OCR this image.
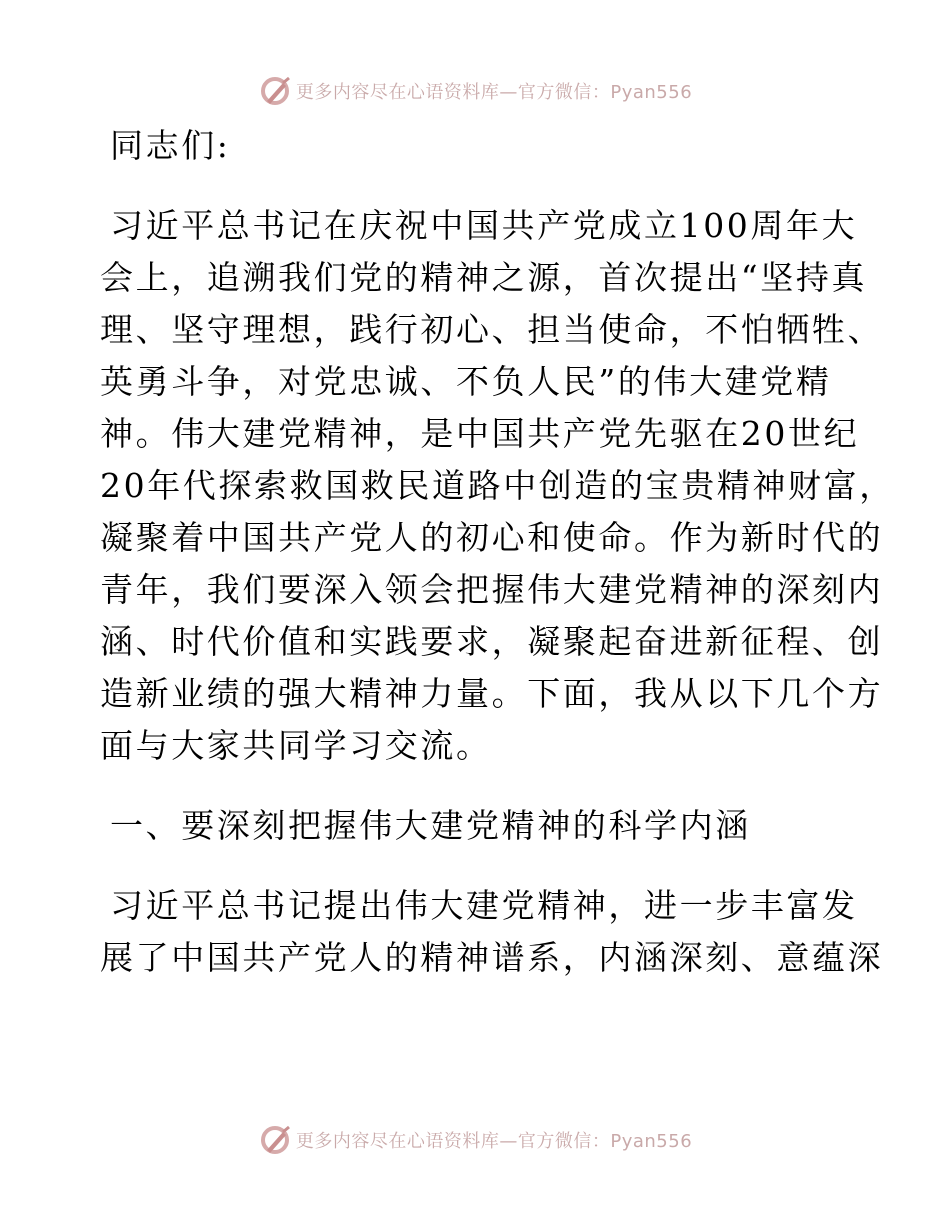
更多内容尽在心语资料库—官方微信：Pyan556
同志们:
习近平总书记在庆祝中国共产党成立100周年大
会上，追溯我们党的精神之源，首次提出“坚持真
理、坚守理想，践行初心、担当使命，不怕牺牲、
英勇斗争，对党忠诚、不负人民”的伟大建党精
神。伟大建党精神，是中国共产党先驱在20世纪
20年代探索救国救民道路中创造的宝贵精神财富，
凝聚着中国共产党人的初心和使命。作为新时代的
青年，我们要深入领会把握伟大建党精神的深刻内
涵、时代价值和实践要求，凝聚起奋进新征程、创
造新业绩的强大精神力量。下面，我从以下几个方
面与大家共同学习交流。
一、要深刻把握伟大建党精神的科学内涵
习近平总书记提出伟大建党精神，进一步丰富发
展了中国共产党人的精神谱系，内涵深刻、意蕴深
更多内容尽在心语资料库—官方微信：Pyan556
